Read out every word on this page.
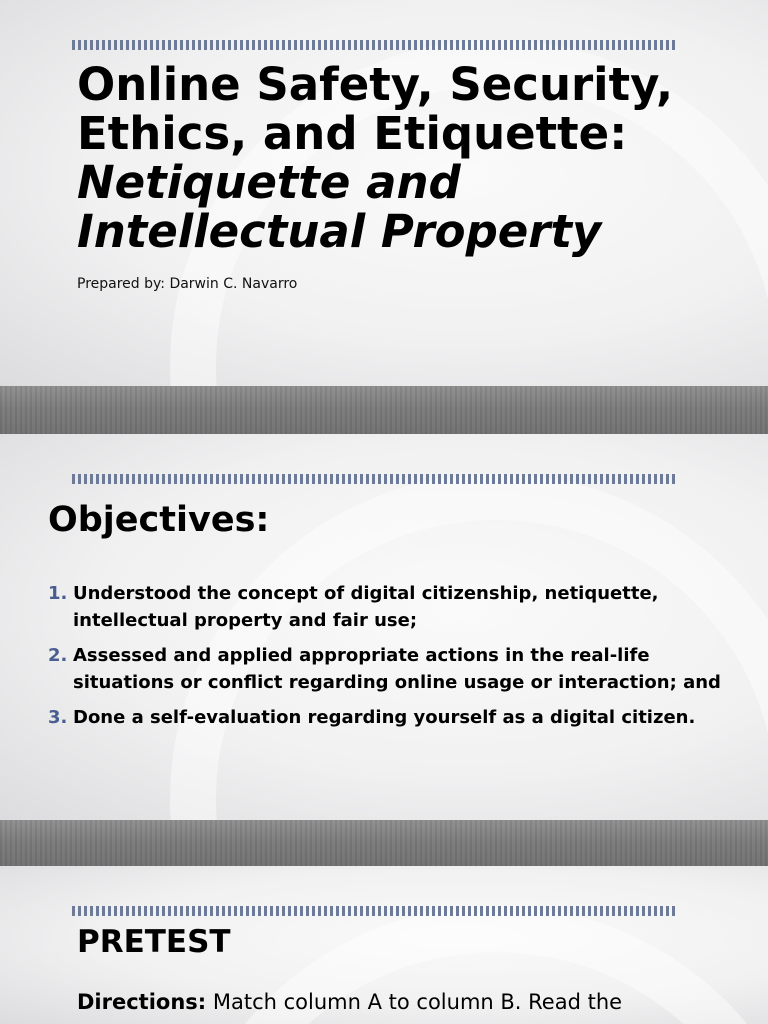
Online Safety, Security,
Ethics, and Etiquette:
Netiquette and
Intellectual Property
Prepared by: Darwin C. Navarro
Objectives:
1. Understood the concept of digital citizenship, netiquette, intellectual property and fair use;
2. Assessed and applied appropriate actions in the real-life situations or conflict regarding online usage or interaction; and
3. Done a self-evaluation regarding yourself as a digital citizen.
PRETEST

Directions: Match column A to column B. Read the
